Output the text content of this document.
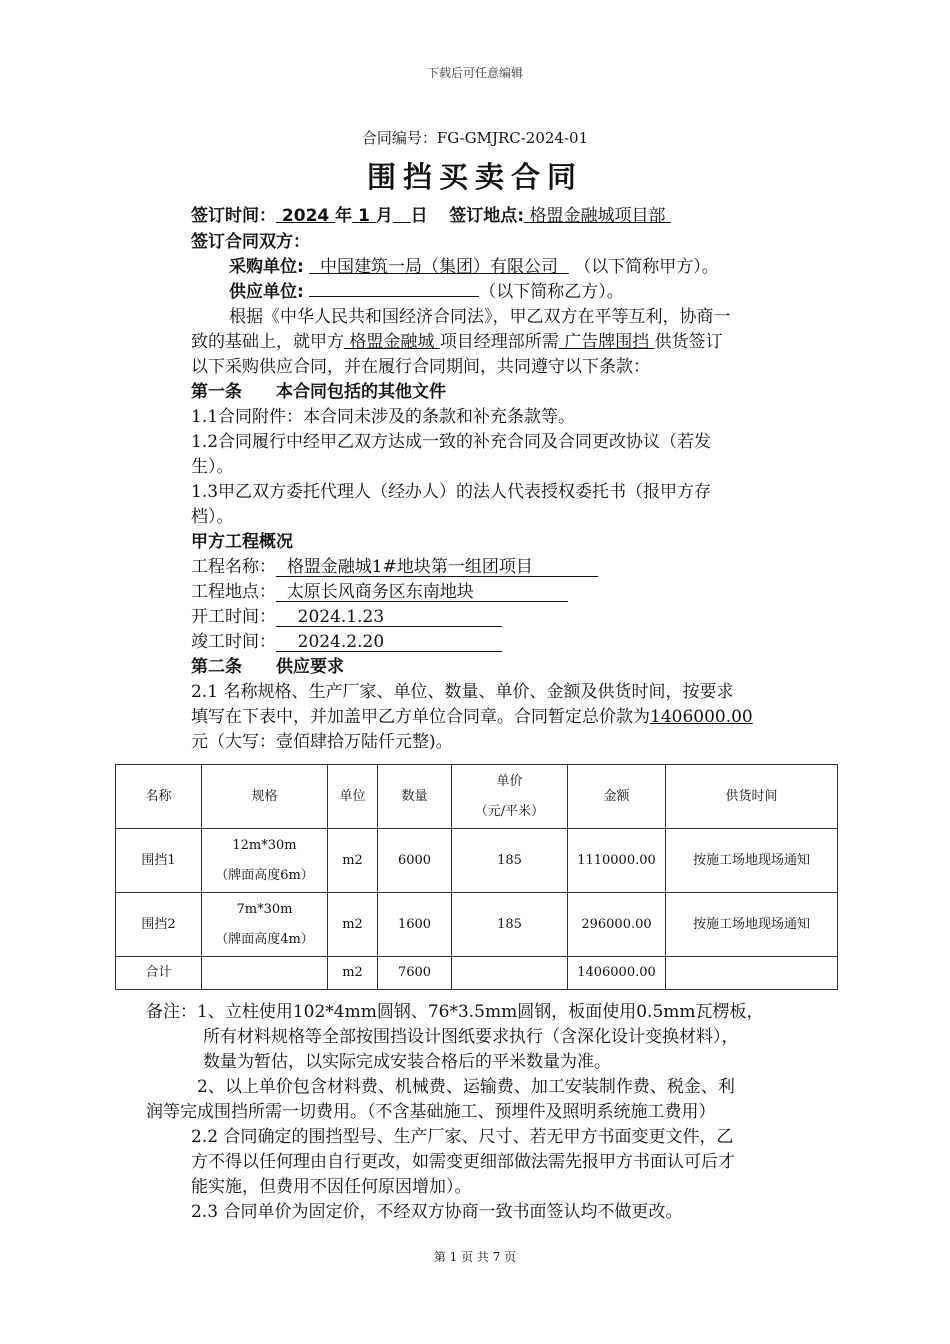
下载后可任意编辑
合同编号：FG-GMJRC-2024-01
围挡买卖合同
签订时间： 2024 年 1 月 日 签订地点: 格盟金融城项目部
签订合同双方：
采购单位: 中国建筑一局（集团）有限公司 （以下简称甲方）。
供应单位:	（以下简称乙方）。
根据《中华人民共和国经济合同法》，甲乙双方在平等互利，协商一
致的基础上，就甲方 格盟金融城 项目经理部所需 广告牌围挡 供货签订
以下采购供应合同，并在履行合同期间，共同遵守以下条款：
第一条　　本合同包括的其他文件
1.1合同附件：本合同未涉及的条款和补充条款等。
1.2合同履行中经甲乙双方达成一致的补充合同及合同更改协议（若发
生）。
1.3甲乙双方委托代理人（经办人）的法人代表授权委托书（报甲方存
档）。
甲方工程概况
工程名称： 格盟金融城1#地块第一组团项目
工程地点： 太原长风商务区东南地块
开工时间： 2024.1.23
竣工时间： 2024.2.20
第二条　　供应要求
2.1 名称规格、生产厂家、单位、数量、单价、金额及供货时间，按要求
填写在下表中，并加盖甲乙方单位合同章。合同暂定总价款为1406000.00
元（大写：壹佰肆拾万陆仟元整)。
名称	规格	单位	数量	单价
（元/平米）	金额	供货时间
围挡1	12m*30m
（牌面高度6m）	m2	6000	185	1110000.00	按施工场地现场通知
围挡2	7m*30m
（牌面高度4m）	m2	1600	185	296000.00	按施工场地现场通知
合计		m2	7600		1406000.00	
备注：1、立柱使用102*4mm圆钢、76*3.5mm圆钢，板面使用0.5mm瓦楞板，
所有材料规格等全部按围挡设计图纸要求执行（含深化设计变换材料），
数量为暂估，以实际完成安装合格后的平米数量为准。
2、以上单价包含材料费、机械费、运输费、加工安装制作费、税金、利
润等完成围挡所需一切费用。（不含基础施工、预埋件及照明系统施工费用）
2.2 合同确定的围挡型号、生产厂家、尺寸、若无甲方书面变更文件，乙
方不得以任何理由自行更改，如需变更细部做法需先报甲方书面认可后才
能实施，但费用不因任何原因增加）。
2.3 合同单价为固定价，不经双方协商一致书面签认均不做更改。
第 1 页 共 7 页
